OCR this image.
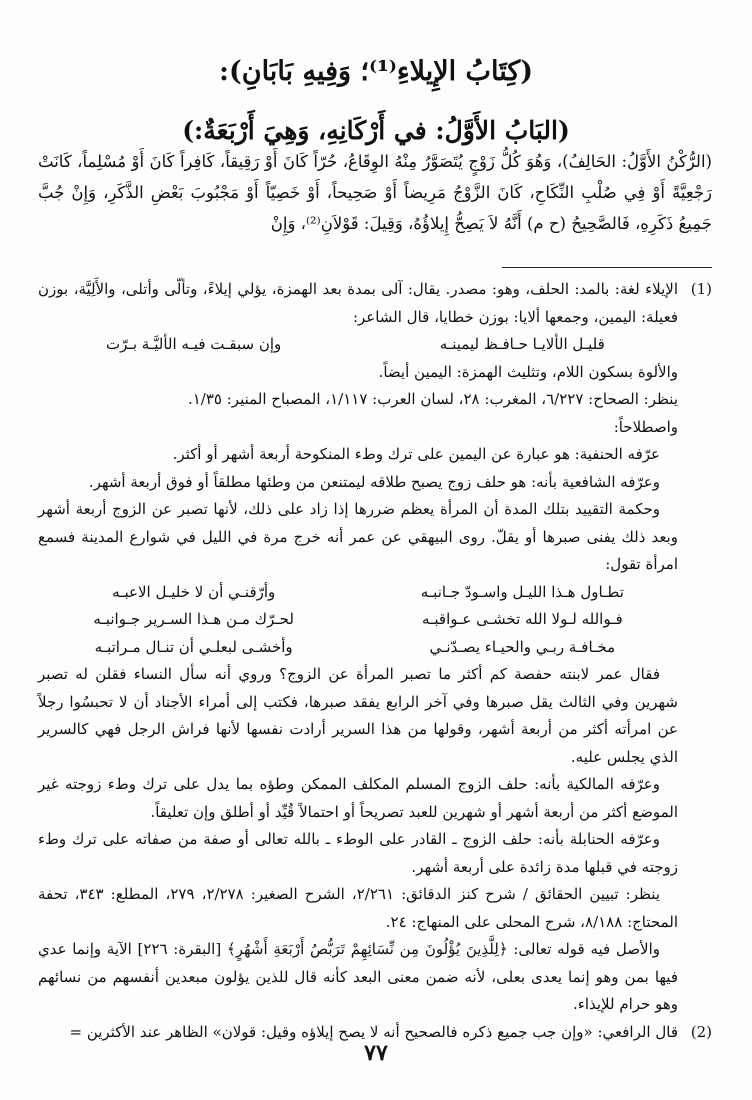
(كِتَابُ الإِيلاءِ⁽¹⁾؛ وَفِيهِ بَابَانِ):
(البَابُ الأَوَّلُ: في أَرْكَانِهِ، وَهِيَ أَرْبَعَةٌ:)

(الرُّكْنُ الأَوَّلُ: الحَالِفُ)، وَهُوَ كُلُّ زَوْجٍ يُتَصَوَّرُ مِنْهُ الوِقَاعُ، حُرّاً كَانَ أَوْ رَقِيقاً، كَافِراً كَانَ أَوْ مُسْلِماً، كَانَتْ رَجْعِيَّةً أَوْ فِي صُلْبِ النِّكَاحِ، كَانَ الزَّوْجُ مَرِيضاً أَوْ صَحِيحاً، أَوْ خَصِيّاً أَوْ مَجْبُوبَ بَعْضِ الذَّكَرِ، وَإِنْ جُبَّ جَمِيعُ ذَكَرِهِ، فَالصَّحِيحُ (ح م) أَنَّهُ لاَ يَصِحُّ إِيلاؤُهُ، وَقِيلَ: قَوْلاَنِ⁽²⁾، وَإِنْ

(1)

الإيلاء لغة: بالمد: الحلف، وهو: مصدر. يقال: آلى بمدة بعد الهمزة، يؤلي إيلاءً، وتألّى وأتلى، والأَلِيَّة، بوزن فعيلة: اليمين، وجمعها ألايا: بوزن خطايا، قال الشاعر:

قليـل الألايـا حـافـظ ليمينـه
وإن سبقـت فيـه الأليَّـة بـرّت

والألوة بسكون اللام، وتثليث الهمزة: اليمين أيضاً.

ينظر: الصحاح: ٦/٢٢٧، المغرب: ٢٨، لسان العرب: ١/١١٧، المصباح المنير: ١/٣٥.

واصطلاحاً:

عرّفه الحنفية: هو عبارة عن اليمين على ترك وطء المنكوحة أربعة أشهر أو أكثر.

وعرّفه الشافعية بأنه: هو حلف زوج يصبح طلاقه ليمتنعن من وطئها مطلقاً أو فوق أربعة أشهر.

وحكمة التقييد بتلك المدة أن المرأة يعظم ضررها إذا زاد على ذلك، لأنها تصبر عن الزوج أربعة أشهر وبعد ذلك يفنى صبرها أو يقلّ. روى البيهقي عن عمر أنه خرج مرة في الليل في شوارع المدينة فسمع امرأة تقول:

تطـاول هـذا الليـل واسـودّ جـانبـه
وأرّقنـي أن لا خليـل الاعبـه
فـوالله لـولا الله تخشـى عـواقبـه
لحـرّك مـن هـذا السـرير جـوانبـه
مخـافـة ربـي والحيـاء يصـدّنـي
وأخشـى لبعلـي أن تنـال مـراتبـه

فقال عمر لابنته حفصة كم أكثر ما تصبر المرأة عن الزوج؟ وروي أنه سأل النساء فقلن له تصبر شهرين وفي الثالث يقل صبرها وفي آخر الرابع يفقد صبرها، فكتب إلى أمراء الأجناد أن لا تحبسُوا رجلاً عن امرأته أكثر من أربعة أشهر، وقولها من هذا السرير أرادت نفسها لأنها فراش الرجل فهي كالسرير الذي يجلس عليه.

وعرّفه المالكية بأنه: حلف الزوج المسلم المكلف الممكن وطؤه بما يدل على ترك وطء زوجته غير الموضع أكثر من أربعة أشهر أو شهرين للعبد تصريحاً أو احتمالاً قُيِّد أو أطلق وإن تعليقاً.

وعرّفه الحنابلة بأنه: حلف الزوج ـ القادر على الوطء ـ بالله تعالى أو صفة من صفاته على ترك وطء زوجته في قبلها مدة زائدة على أربعة أشهر.

ينظر: تبيين الحقائق / شرح كنز الدقائق: ٢/٢٦١، الشرح الصغير: ٢/٢٧٨، ٢٧٩، المطلع: ٣٤٣، تحفة المحتاج: ٨/١٨٨، شرح المحلى على المنهاج: ٢٤.

والأصل فيه قوله تعالى: ﴿لِلَّذِينَ يُؤْلُونَ مِن نِّسَائِهِمْ تَرَبُّصُ أَرْبَعَةِ أَشْهُرٍ﴾ [البقرة: ٢٢٦] الآية وإنما عدي فيها بمن وهو إنما يعدى بعلى، لأنه ضمن معنى البعد كأنه قال للذين يؤلون مبعدين أنفسهم من نسائهم وهو حرام للإيذاء.

(2)

قال الرافعي: «وإن جب جميع ذكره فالصحيح أنه لا يصح إيلاؤه وقيل: قولان» الظاهر عند الأكثرين =

٧٧
